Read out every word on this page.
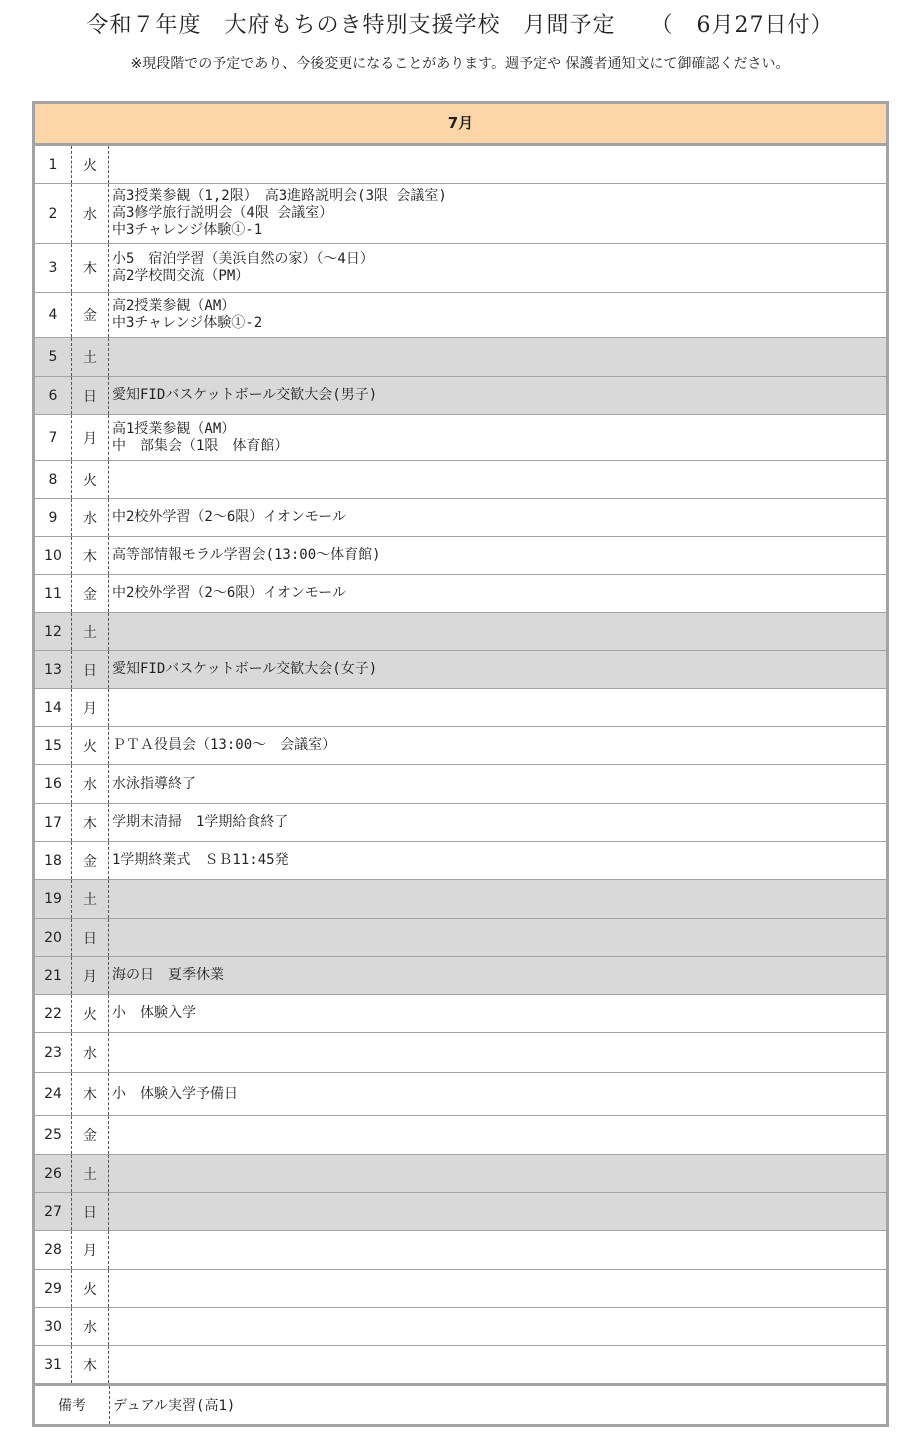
令和７年度　大府もちのき特別支援学校　月間予定　　（　6月27日付）
※現段階での予定であり、今後変更になることがあります。週予定や 保護者通知文にて御確認ください。
7月
1	火
2	水
高3授業参観（1,2限）　高3進路説明会(3限 会議室)
高3修学旅行説明会（4限 会議室）
中3チャレンジ体験①-1
3	木
小5　宿泊学習（美浜自然の家）（～4日）
高2学校間交流（PM）
4	金
高2授業参観（AM）
中3チャレンジ体験①-2
5	土
6	日	愛知FIDバスケットボール交歓大会(男子)
7	月
高1授業参観（AM）
中　部集会（1限　体育館）
8	火
9	水	中2校外学習（2～6限）イオンモール
10	木	高等部情報モラル学習会(13:00～体育館)
11	金	中2校外学習（2～6限）イオンモール
12	土
13	日	愛知FIDバスケットボール交歓大会(女子)
14	月
15	火	ＰＴＡ役員会（13:00～　会議室）
16	水	水泳指導終了
17	木	学期末清掃　1学期給食終了
18	金	1学期終業式　ＳＢ11:45発
19	土
20	日
21	月	海の日　夏季休業
22	火	小　体験入学
23	水
24	木	小　体験入学予備日
25	金
26	土
27	日
28	月
29	火
30	水
31	木
備考	デュアル実習(高1)
